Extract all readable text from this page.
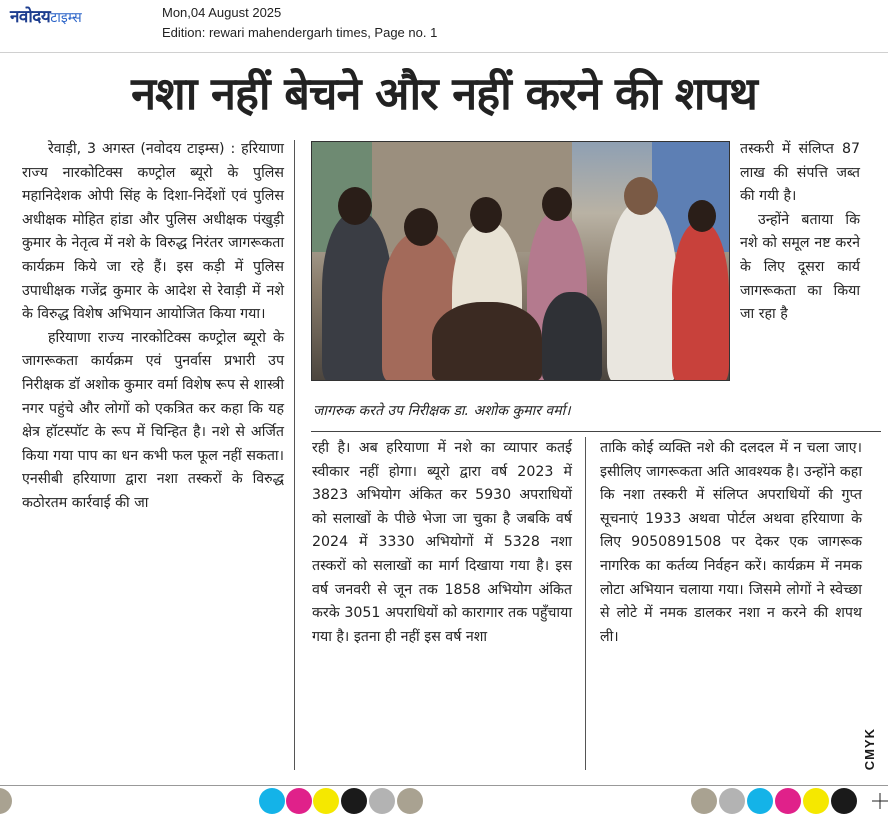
नवोदयटाइम्स	Mon,04 August 2025
Edition: rewari mahendergarh times, Page no. 1
नशा नहीं बेचने और नहीं करने की शपथ

रेवाड़ी, 3 अगस्त (नवोदय टाइम्स) : हरियाणा राज्य नारकोटिक्स कण्ट्रोल ब्यूरो के पुलिस महानिदेशक ओपी सिंह के दिशा-निर्देशों एवं पुलिस अधीक्षक मोहित हांडा और पुलिस अधीक्षक पंखुड़ी कुमार के नेतृत्व में नशे के विरुद्ध निरंतर जागरूकता कार्यक्रम किये जा रहे हैं। इस कड़ी में पुलिस उपाधीक्षक गजेंद्र कुमार के आदेश से रेवाड़ी में नशे के विरुद्ध विशेष अभियान आयोजित किया गया।

हरियाणा राज्य नारकोटिक्स कण्ट्रोल ब्यूरो के जागरूकता कार्यक्रम एवं पुनर्वास प्रभारी उप निरीक्षक डॉ अशोक कुमार वर्मा विशेष रूप से शास्त्री नगर पहुंचे और लोगों को एकत्रित कर कहा कि यह क्षेत्र हॉटस्पॉट के रूप में चिन्हित है। नशे से अर्जित किया गया पाप का धन कभी फल फूल नहीं सकता। एनसीबी हरियाणा द्वारा नशा तस्करों के विरुद्ध कठोरतम कार्रवाई की जा

जागरुक करते उप निरीक्षक डा. अशोक कुमार वर्मा।

तस्करी में संलिप्त 87 लाख की संपत्ति जब्त की गयी है।

उन्होंने बताया कि नशे को समूल नष्ट करने के लिए दूसरा कार्य जागरूकता का किया जा रहा है

रही है। अब हरियाणा में नशे का व्यापार कतई स्वीकार नहीं होगा। ब्यूरो द्वारा वर्ष 2023 में 3823 अभियोग अंकित कर 5930 अपराधियों को सलाखों के पीछे भेजा जा चुका है जबकि वर्ष 2024 में 3330 अभियोगों में 5328 नशा तस्करों को सलाखों का मार्ग दिखाया गया है। इस वर्ष जनवरी से जून तक 1858 अभियोग अंकित करके 3051 अपराधियों को कारागार तक पहुँचाया गया है। इतना ही नहीं इस वर्ष नशा

ताकि कोई व्यक्ति नशे की दलदल में न चला जाए। इसीलिए जागरूकता अति आवश्यक है। उन्होंने कहा कि नशा तस्करी में संलिप्त अपराधियों की गुप्त सूचनाएं 1933 अथवा पोर्टल अथवा हरियाणा के लिए 9050891508 पर देकर एक जागरूक नागरिक का कर्तव्य निर्वहन करें। कार्यक्रम में नमक लोटा अभियान चलाया गया। जिसमे लोगों ने स्वेच्छा से लोटे में नमक डालकर नशा न करने की शपथ ली।

CMYK
